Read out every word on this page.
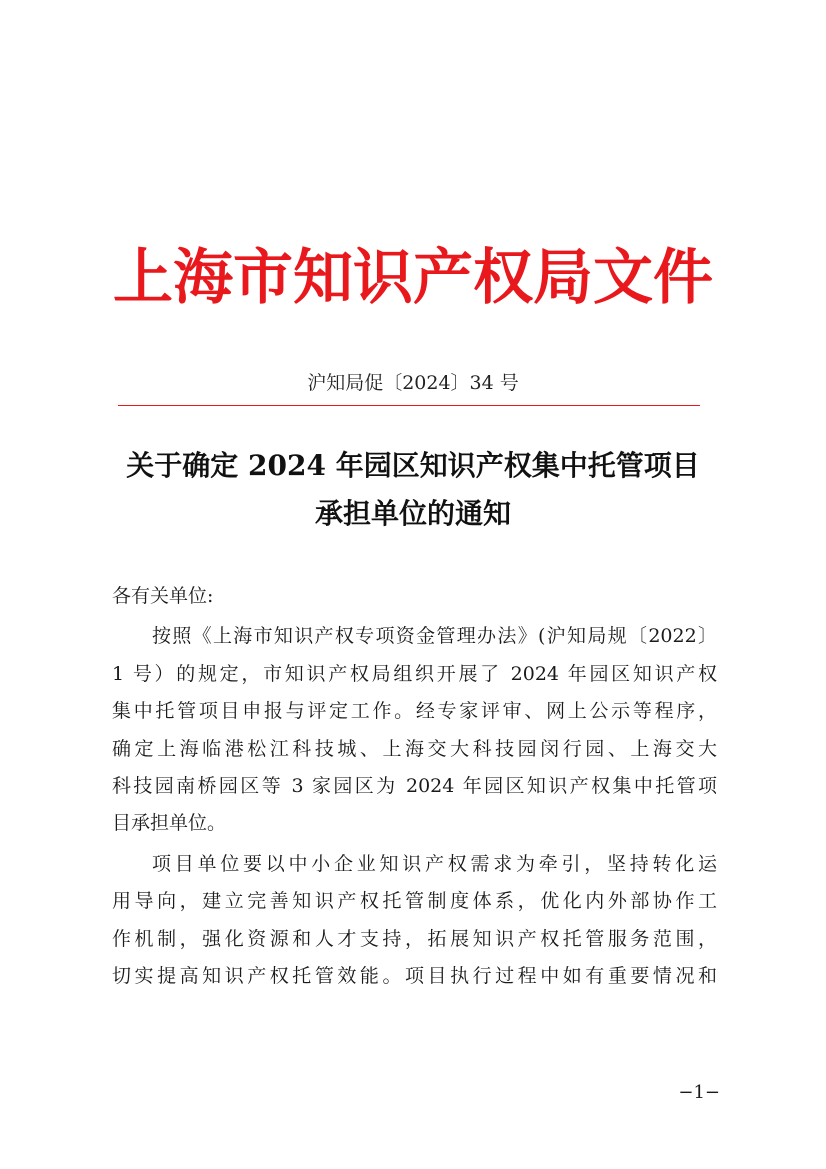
上海市知识产权局文件
沪知局促〔2024〕34 号
关于确定 2024 年园区知识产权集中托管项目
承担单位的通知
各有关单位:
按照《上海市知识产权专项资金管理办法》(沪知局规〔2022〕
1 号）的规定，市知识产权局组织开展了 2024 年园区知识产权
集中托管项目申报与评定工作。经专家评审、网上公示等程序，
确定上海临港松江科技城、上海交大科技园闵行园、上海交大
科技园南桥园区等 3 家园区为 2024 年园区知识产权集中托管项
目承担单位。
项目单位要以中小企业知识产权需求为牵引，坚持转化运
用导向，建立完善知识产权托管制度体系，优化内外部协作工
作机制，强化资源和人才支持，拓展知识产权托管服务范围，
切实提高知识产权托管效能。项目执行过程中如有重要情况和
−1−
